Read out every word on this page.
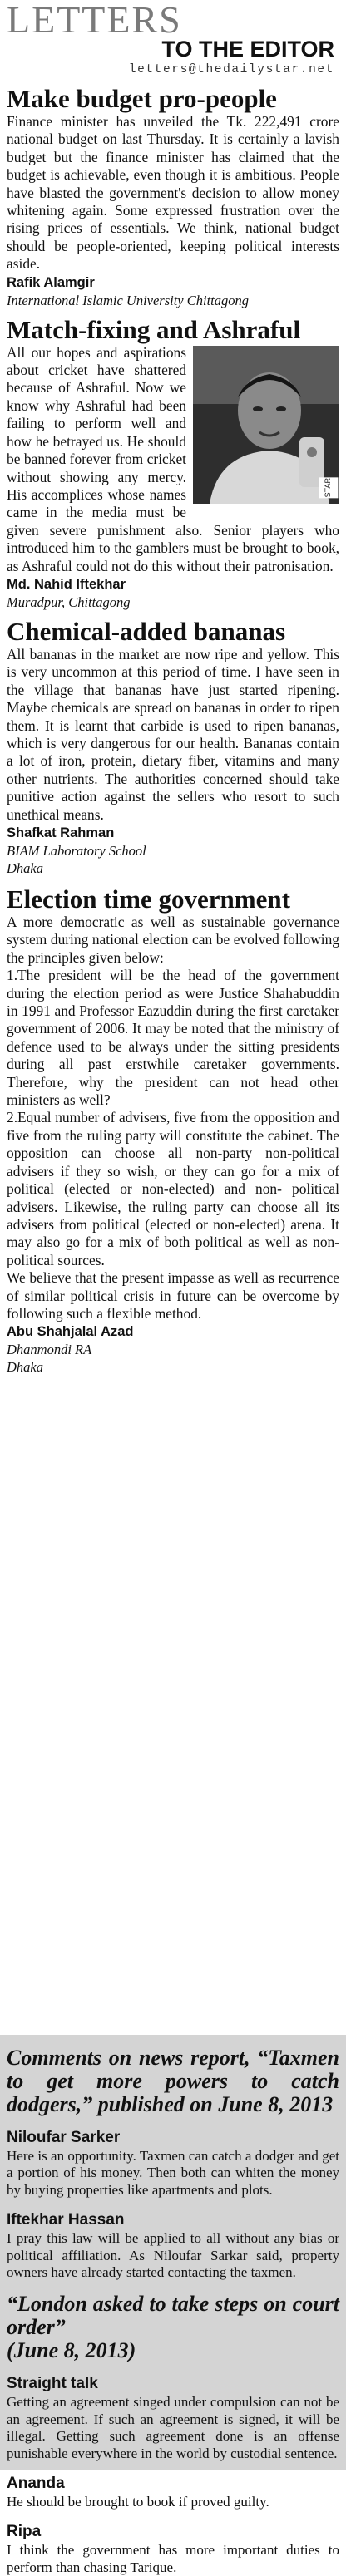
LETTERS
TO THE EDITOR
letters@thedailystar.net
Make budget pro-people

Finance minister has unveiled the Tk. 222,491 crore national budget on last Thursday. It is certainly a lavish budget but the finance minister has claimed that the budget is achievable, even though it is ambitious. People have blasted the government's decision to allow money whitening again. Some expressed frustration over the rising prices of essentials. We think, national budget should be people-oriented, keeping political interests aside.

Rafik Alamgir
International Islamic University Chittagong
Match-fixing and Ashraful
STAR

All our hopes and aspirations about cricket have shattered because of Ashraful. Now we know why Ashraful had been failing to perform well and how he betrayed us. He should be banned forever from cricket without showing any mercy. His accomplices whose names came in the media must be given severe punishment also. Senior players who introduced him to the gamblers must be brought to book, as Ashraful could not do this without their patronisation.

Md. Nahid Iftekhar
Muradpur, Chittagong
Chemical-added bananas

All bananas in the market are now ripe and yellow. This is very uncommon at this period of time. I have seen in the village that bananas have just started ripening. Maybe chemicals are spread on bananas in order to ripen them. It is learnt that carbide is used to ripen bananas, which is very dangerous for our health. Bananas contain a lot of iron, protein, dietary fiber, vitamins and many other nutrients. The authorities concerned should take punitive action against the sellers who resort to such unethical means.

Shafkat Rahman
BIAM Laboratory School
Dhaka
Election time government

A more democratic as well as sustainable governance system during national election can be evolved following the principles given below:

1.The president will be the head of the government during the election period as were Justice Shahabuddin in 1991 and Professor Eazuddin during the first caretaker government of 2006. It may be noted that the ministry of defence used to be always under the sitting presidents during all past erstwhile caretaker governments. Therefore, why the president can not head other ministers as well?

2.Equal number of advisers, five from the opposition and five from the ruling party will constitute the cabinet. The opposition can choose all non-party non-political advisers if they so wish, or they can go for a mix of political (elected or non-elected) and non- political advisers. Likewise, the ruling party can choose all its advisers from political (elected or non-elected) arena. It may also go for a mix of both political as well as non-political sources.

We believe that the present impasse as well as recurrence of similar political crisis in future can be overcome by following such a flexible method.

Abu Shahjalal Azad
Dhanmondi RA
Dhaka
Comments on news report, “Taxmen to get more powers to catch dodgers,” published on June 8, 2013
Niloufar Sarker
Here is an opportunity. Taxmen can catch a dodger and get a portion of his money. Then both can whiten the money by buying properties like apartments and plots.
Iftekhar Hassan
I pray this law will be applied to all without any bias or political affiliation. As Niloufar Sarkar said, property owners have already started contacting the taxmen.
“London asked to take steps on court order”
(June 8, 2013)
Straight talk
Getting an agreement singed under compulsion can not be an agreement. If such an agreement is signed, it will be illegal. Getting such agreement done is an offense punishable everywhere in the world by custodial sentence.
Ananda
He should be brought to book if proved guilty.
Ripa
I think the government has more important duties to perform than chasing Tarique.
